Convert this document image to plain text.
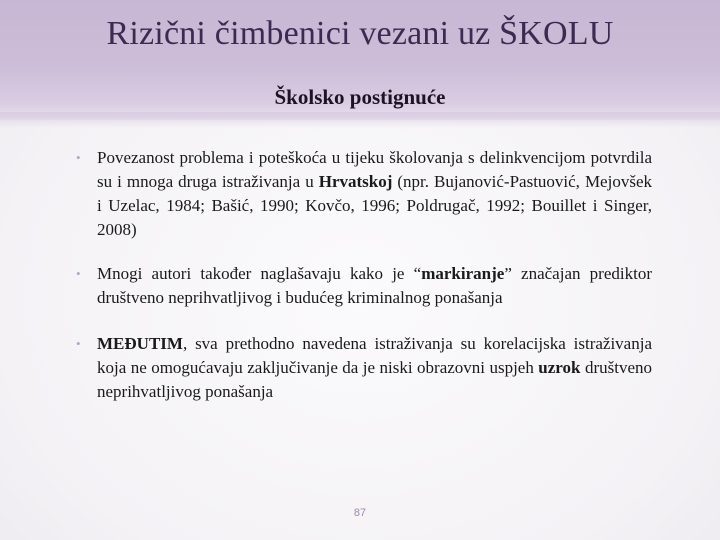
Rizični čimbenici vezani uz ŠKOLU
Školsko postignuće
• Povezanost problema i poteškoća u tijeku školovanja s delinkvencijom potvrdila su i mnoga druga istraživanja u Hrvatskoj (npr. Bujanović-Pastuović, Mejovšek i Uzelac, 1984; Bašić, 1990; Kovčo, 1996; Poldrugač, 1992; Bouillet i Singer, 2008)
• Mnogi autori također naglašavaju kako je “markiranje” značajan prediktor društveno neprihvatljivog i budućeg kriminalnog ponašanja
• MEĐUTIM, sva prethodno navedena istraživanja su korelacijska istraživanja koja ne omogućavaju zaključivanje da je niski obrazovni uspjeh uzrok društveno neprihvatljivog ponašanja
87
